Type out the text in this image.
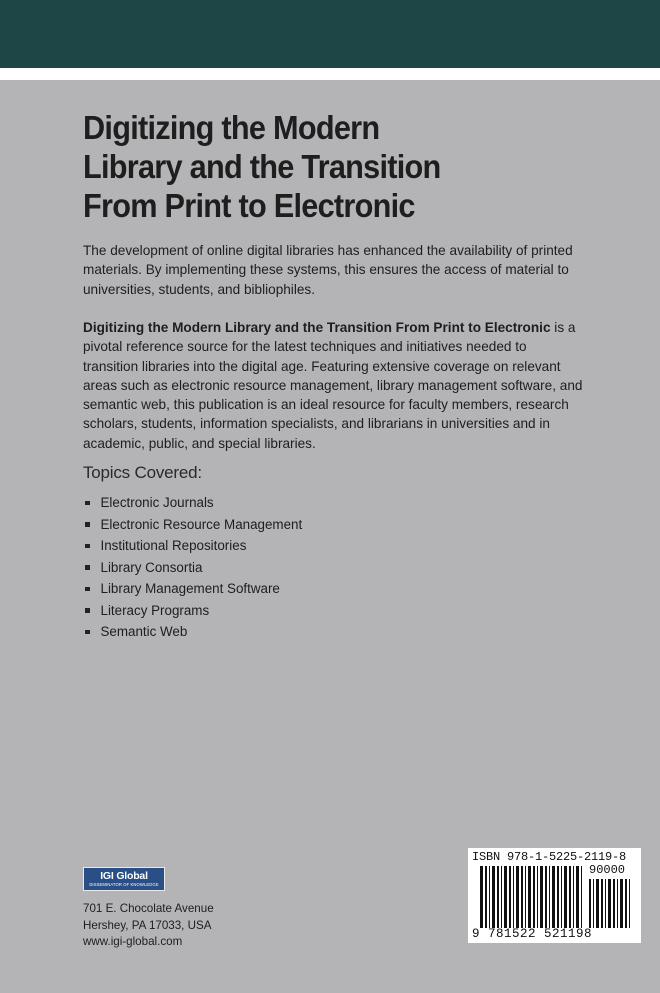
Digitizing the Modern
Library and the Transition
From Print to Electronic

The development of online digital libraries has enhanced the availability of printed materials. By implementing these systems, this ensures the access of material to universities, students, and bibliophiles.

Digitizing the Modern Library and the Transition From Print to Electronic is a pivotal reference source for the latest techniques and initiatives needed to transition libraries into the digital age. Featuring extensive coverage on relevant areas such as electronic resource management, library management software, and semantic web, this publication is an ideal resource for faculty members, research scholars, students, information specialists, and librarians in universities and in academic, public, and special libraries.

Topics Covered:
Electronic Journals
Electronic Resource Management
Institutional Repositories
Library Consortia
Library Management Software
Literacy Programs
Semantic Web
IGI Global
DISSEMINATOR OF KNOWLEDGE
701 E. Chocolate Avenue
Hershey, PA 17033, USA
www.igi-global.com
ISBN 978-1-5225-2119-8
90000
9 781522 521198
